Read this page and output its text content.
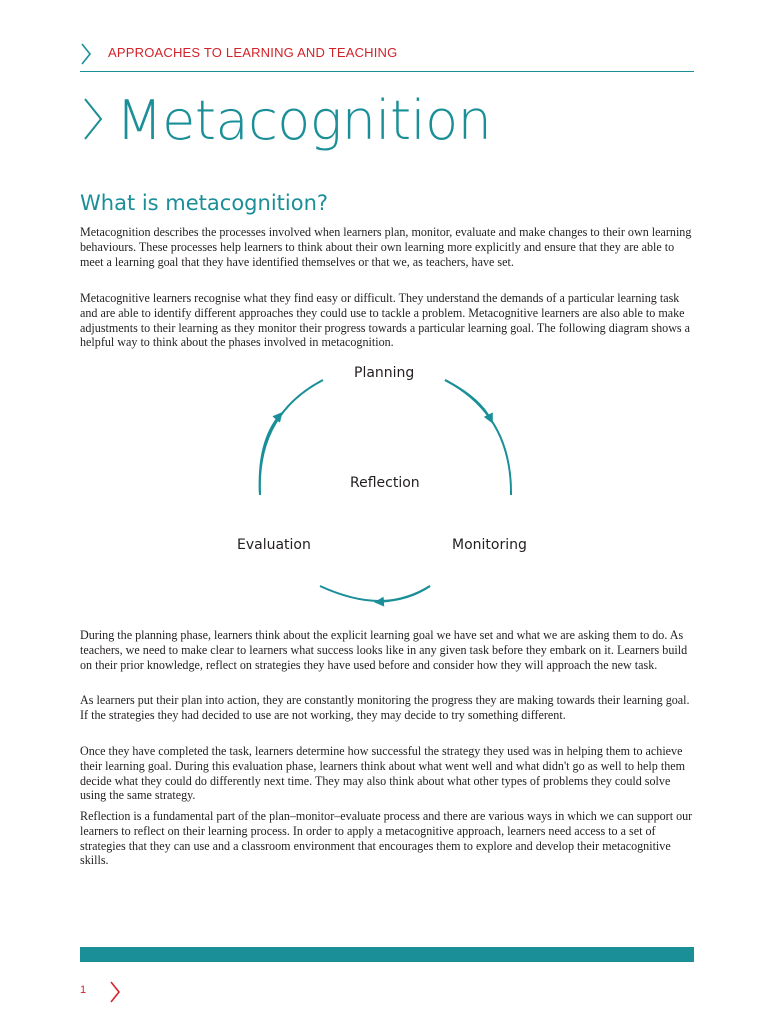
APPROACHES TO LEARNING AND TEACHING
Metacognition
What is metacognition?

Metacognition describes the processes involved when learners plan, monitor, evaluate and make changes to their own learning behaviours. These processes help learners to think about their own learning more explicitly and ensure that they are able to meet a learning goal that they have identified themselves or that we, as teachers, have set.

Metacognitive learners recognise what they find easy or difficult. They understand the demands of a particular learning task and are able to identify different approaches they could use to tackle a problem. Metacognitive learners are also able to make adjustments to their learning as they monitor their progress towards a particular learning goal. The following diagram shows a helpful way to think about the phases involved in metacognition.

Planning
Reflection
Evaluation	Monitoring

During the planning phase, learners think about the explicit learning goal we have set and what we are asking them to do. As teachers, we need to make clear to learners what success looks like in any given task before they embark on it. Learners build on their prior knowledge, reflect on strategies they have used before and consider how they will approach the new task.

As learners put their plan into action, they are constantly monitoring the progress they are making towards their learning goal. If the strategies they had decided to use are not working, they may decide to try something different.

Once they have completed the task, learners determine how successful the strategy they used was in helping them to achieve their learning goal. During this evaluation phase, learners think about what went well and what didn't go as well to help them decide what they could do differently next time. They may also think about what other types of problems they could solve using the same strategy.

Reflection is a fundamental part of the plan–monitor–evaluate process and there are various ways in which we can support our learners to reflect on their learning process. In order to apply a metacognitive approach, learners need access to a set of strategies that they can use and a classroom environment that encourages them to explore and develop their metacognitive skills.

1
